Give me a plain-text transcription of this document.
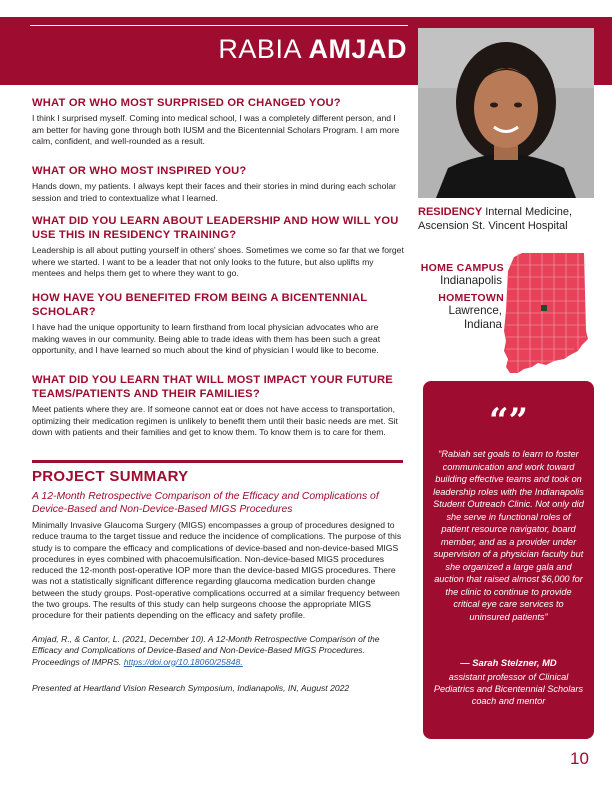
RABIA AMJAD
WHAT OR WHO MOST SURPRISED OR CHANGED YOU?

I think I surprised myself. Coming into medical school, I was a completely different person, and I am better for having gone through both IUSM and the Bicentennial Scholars Program. I am more calm, confident, and well-rounded as a result.

WHAT OR WHO MOST INSPIRED YOU?

Hands down, my patients. I always kept their faces and their stories in mind during each scholar session and tried to contextualize what I learned.

WHAT DID YOU LEARN ABOUT LEADERSHIP AND HOW WILL YOU USE THIS IN RESIDENCY TRAINING?

Leadership is all about putting yourself in others' shoes. Sometimes we come so far that we forget where we started. I want to be a leader that not only looks to the future, but also uplifts my mentees and helps them get to where they want to go.

HOW HAVE YOU BENEFITED FROM BEING A BICENTENNIAL SCHOLAR?

I have had the unique opportunity to learn firsthand from local physician advocates who are making waves in our community. Being able to trade ideas with them has been such a great opportunity, and I have learned so much about the kind of physician I would like to become.

WHAT DID YOU LEARN THAT WILL MOST IMPACT YOUR FUTURE TEAMS/PATIENTS AND THEIR FAMILIES?

Meet patients where they are. If someone cannot eat or does not have access to transportation, optimizing their medication regimen is unlikely to benefit them until their basic needs are met. Sit down with patients and their families and get to know them. To know them is to care for them.

PROJECT SUMMARY

A 12-Month Retrospective Comparison of the Efficacy and Complications of Device-Based and Non-Device-Based MIGS Procedures

Minimally Invasive Glaucoma Surgery (MIGS) encompasses a group of procedures designed to reduce trauma to the target tissue and reduce the incidence of complications. The purpose of this study is to compare the efficacy and complications of device-based and non-device-based MIGS procedures in eyes combined with phacoemulsification. Non-device-based MIGS procedures reduced the 12-month post-operative IOP more than the device-based MIGS procedures. There was not a statistically significant difference regarding glaucoma medication burden change between the study groups. Post-operative complications occurred at a similar frequency between the two groups. The results of this study can help surgeons choose the appropriate MIGS procedure for their patients depending on the efficacy and safety profile.

Amjad, R., & Cantor, L. (2021, December 10). A 12-Month Retrospective Comparison of the Efficacy and Complications of Device-Based and Non-Device-Based MIGS Procedures. Proceedings of IMPRS. https://doi.org/10.18060/25848.

Presented at Heartland Vision Research Symposium, Indianapolis, IN, August 2022

RESIDENCY Internal Medicine, Ascension St. Vincent Hospital
HOME CAMPUS
Indianapolis
HOMETOWN
Lawrence,
Indiana
“”

“Rabiah set goals to learn to foster communication and work toward building effective teams and took on leadership roles with the Indianapolis Student Outreach Clinic. Not only did she serve in functional roles of patient resource navigator, board member, and as a provider under supervision of a physician faculty but she organized a large gala and auction that raised almost $6,000 for the clinic to continue to provide critical eye care services to uninsured patients”

— Sarah Stelzner, MD

assistant professor of Clinical Pediatrics and Bicentennial Scholars coach and mentor

10
